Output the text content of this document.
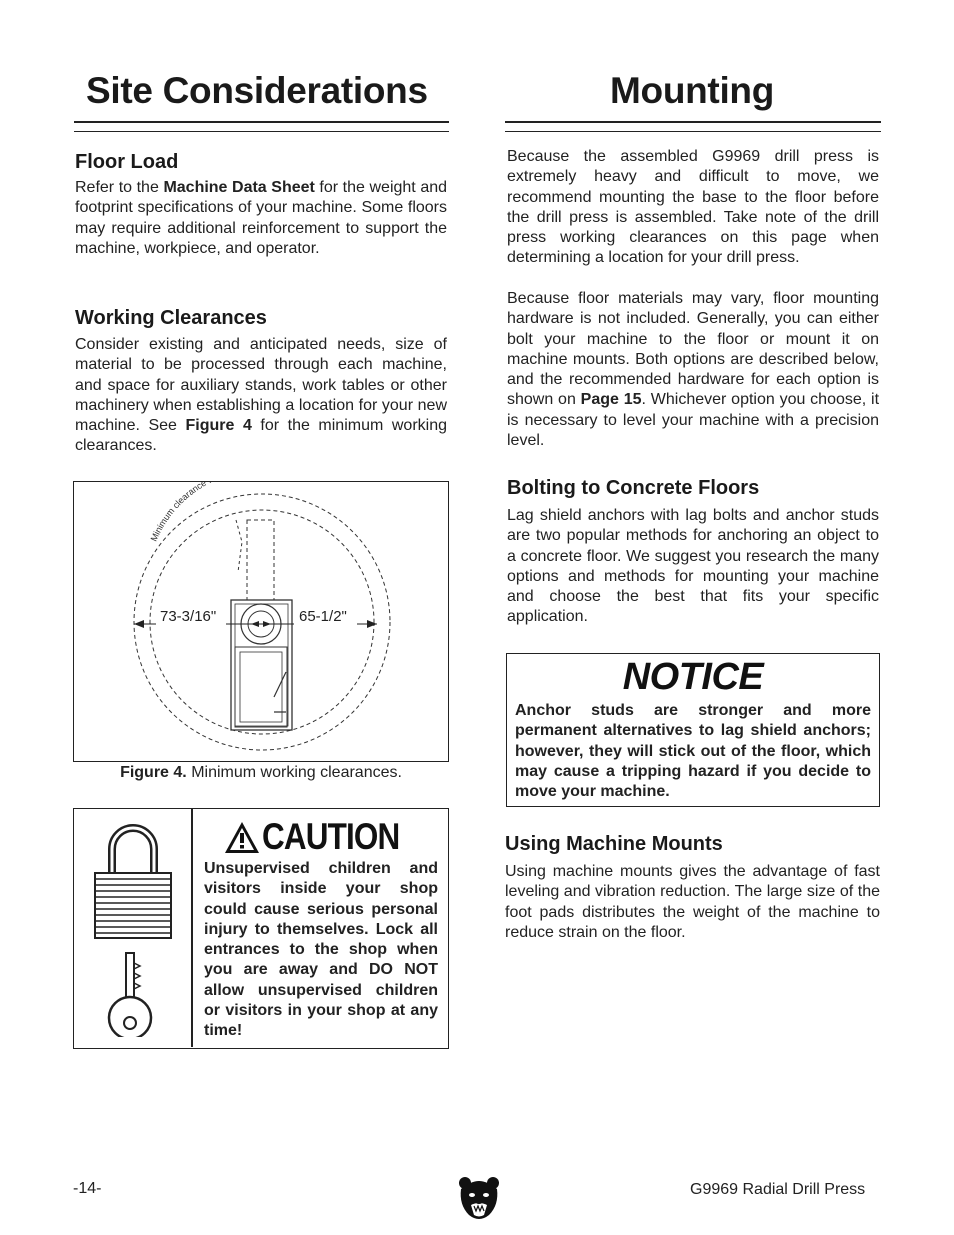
Site Considerations
Floor Load

Refer to the Machine Data Sheet for the weight and footprint specifications of your machine. Some floors may require additional reinforcement to support the machine, workpiece, and operator.

Working Clearances

Consider existing and anticipated needs, size of material to be processed through each machine, and space for auxiliary stands, work tables or other machinery when establishing a location for your new machine. See Figure 4 for the minimum working clearances.

Minimum clearance
73-3/16"	65-1/2"
Figure 4. Minimum working clearances.
CAUTION

Unsupervised children and visitors inside your shop could cause serious personal injury to themselves. Lock all entrances to the shop when you are away and DO NOT allow unsupervised children or visitors in your shop at any time!

Mounting

Because the assembled G9969 drill press is extremely heavy and difficult to move, we recommend mounting the base to the floor before the drill press is assembled. Take note of the drill press working clearances on this page when determining a location for your drill press.

Because floor materials may vary, floor mounting hardware is not included. Generally, you can either bolt your machine to the floor or mount it on machine mounts. Both options are described below, and the recommended hardware for each option is shown on Page 15. Whichever option you choose, it is necessary to level your machine with a precision level.

Bolting to Concrete Floors

Lag shield anchors with lag bolts and anchor studs are two popular methods for anchoring an object to a concrete floor. We suggest you research the many options and methods for mounting your machine and choose the best that fits your specific application.

NOTICE

Anchor studs are stronger and more permanent alternatives to lag shield anchors; however, they will stick out of the floor, which may cause a tripping hazard if you decide to move your machine.

Using Machine Mounts

Using machine mounts gives the advantage of fast leveling and vibration reduction. The large size of the foot pads distributes the weight of the machine to reduce strain on the floor.

-14-	G9969 Radial Drill Press
